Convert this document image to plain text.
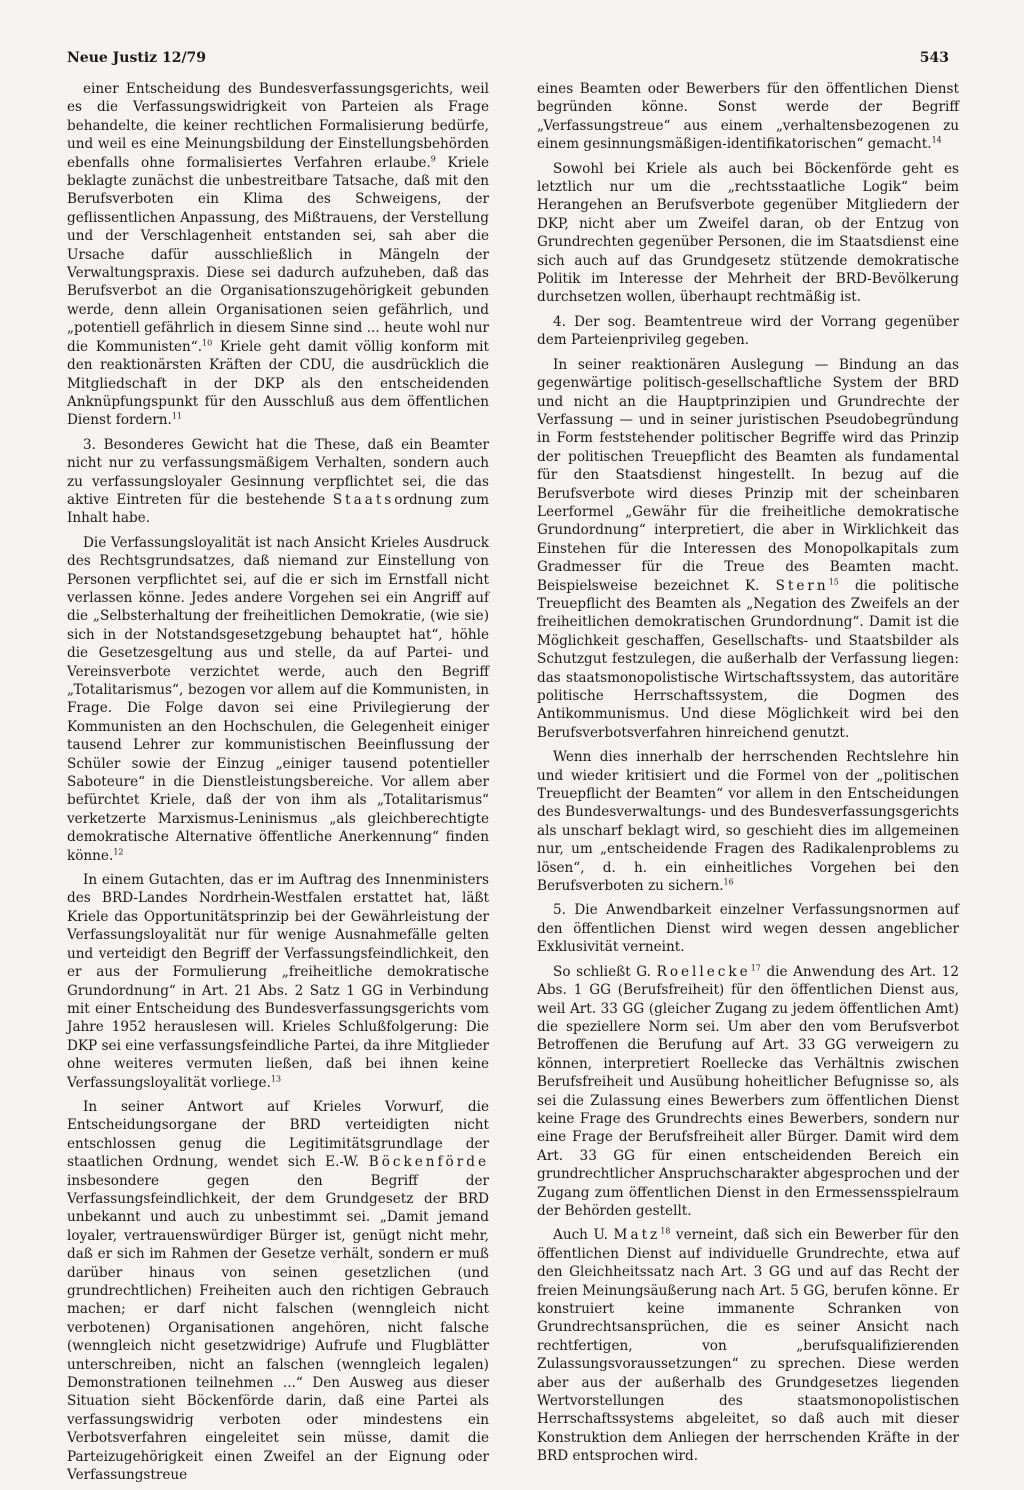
Neue Justiz 12/79	543

einer Entscheidung des Bundesverfassungsgerichts, weil es die Verfassungswidrigkeit von Parteien als Frage behandelte, die keiner rechtlichen Formalisierung bedürfe, und weil es eine Meinungsbildung der Einstellungsbehörden ebenfalls ohne formalisiertes Verfahren erlaube.$^9$ Kriele beklagte zunächst die unbestreitbare Tatsache, daß mit den Berufsverboten ein Klima des Schweigens, der geflissentlichen Anpassung, des Mißtrauens, der Verstellung und der Verschlagenheit entstanden sei, sah aber die Ursache dafür ausschließlich in Mängeln der Verwaltungspraxis. Diese sei dadurch aufzuheben, daß das Berufsverbot an die Organisationszugehörigkeit gebunden werde, denn allein Organisationen seien gefährlich, und „potentiell gefährlich in diesem Sinne sind ... heute wohl nur die Kommunisten“.$^{10}$ Kriele geht damit völlig konform mit den reaktionärsten Kräften der CDU, die ausdrücklich die Mitgliedschaft in der DKP als den entscheidenden Anknüpfungspunkt für den Ausschluß aus dem öffentlichen Dienst fordern.$^{11}$

3. Besonderes Gewicht hat die These, daß ein Beamter nicht nur zu verfassungsmäßigem Verhalten, sondern auch zu verfassungsloyaler Gesinnung verpflichtet sei, die das aktive Eintreten für die bestehende Staatsordnung zum Inhalt habe.

Die Verfassungsloyalität ist nach Ansicht Krieles Ausdruck des Rechtsgrundsatzes, daß niemand zur Einstellung von Personen verpflichtet sei, auf die er sich im Ernstfall nicht verlassen könne. Jedes andere Vorgehen sei ein Angriff auf die „Selbsterhaltung der freiheitlichen Demokratie, (wie sie) sich in der Notstandsgesetzgebung behauptet hat“, höhle die Gesetzesgeltung aus und stelle, da auf Partei- und Vereinsverbote verzichtet werde, auch den Begriff „Totalitarismus“, bezogen vor allem auf die Kommunisten, in Frage. Die Folge davon sei eine Privilegierung der Kommunisten an den Hochschulen, die Gelegenheit einiger tausend Lehrer zur kommunistischen Beeinflussung der Schüler sowie der Einzug „einiger tausend potentieller Saboteure“ in die Dienstleistungsbereiche. Vor allem aber befürchtet Kriele, daß der von ihm als „Totalitarismus“ verketzerte Marxismus-Leninismus „als gleichberechtigte demokratische Alternative öffentliche Anerkennung“ finden könne.$^{12}$

In einem Gutachten, das er im Auftrag des Innenministers des BRD-Landes Nordrhein-Westfalen erstattet hat, läßt Kriele das Opportunitätsprinzip bei der Gewährleistung der Verfassungsloyalität nur für wenige Ausnahmefälle gelten und verteidigt den Begriff der Verfassungsfeindlichkeit, den er aus der Formulierung „freiheitliche demokratische Grundordnung“ in Art. 21 Abs. 2 Satz 1 GG in Verbindung mit einer Entscheidung des Bundesverfassungsgerichts vom Jahre 1952 herauslesen will. Krieles Schlußfolgerung: Die DKP sei eine verfassungsfeindliche Partei, da ihre Mitglieder ohne weiteres vermuten ließen, daß bei ihnen keine Verfassungsloyalität vorliege.$^{13}$

In seiner Antwort auf Krieles Vorwurf, die Entscheidungsorgane der BRD verteidigten nicht entschlossen genug die Legitimitätsgrundlage der staatlichen Ordnung, wendet sich E.-W. Böckenförde insbesondere gegen den Begriff der Verfassungsfeindlichkeit, der dem Grundgesetz der BRD unbekannt und auch zu unbestimmt sei. „Damit jemand loyaler, vertrauenswürdiger Bürger ist, genügt nicht mehr, daß er sich im Rahmen der Gesetze verhält, sondern er muß darüber hinaus von seinen gesetzlichen (und grundrechtlichen) Freiheiten auch den richtigen Gebrauch machen; er darf nicht falschen (wenngleich nicht verbotenen) Organisationen angehören, nicht falsche (wenngleich nicht gesetzwidrige) Aufrufe und Flugblätter unterschreiben, nicht an falschen (wenngleich legalen) Demonstrationen teilnehmen ...“ Den Ausweg aus dieser Situation sieht Böckenförde darin, daß eine Partei als verfassungswidrig verboten oder mindestens ein Verbotsverfahren eingeleitet sein müsse, damit die Parteizugehörigkeit einen Zweifel an der Eignung oder Verfassungstreue

eines Beamten oder Bewerbers für den öffentlichen Dienst begründen könne. Sonst werde der Begriff „Verfassungstreue“ aus einem „verhaltensbezogenen zu einem gesinnungsmäßigen-identifikatorischen“ gemacht.$^{14}$

Sowohl bei Kriele als auch bei Böckenförde geht es letztlich nur um die „rechtsstaatliche Logik“ beim Herangehen an Berufsverbote gegenüber Mitgliedern der DKP, nicht aber um Zweifel daran, ob der Entzug von Grundrechten gegenüber Personen, die im Staatsdienst eine sich auch auf das Grundgesetz stützende demokratische Politik im Interesse der Mehrheit der BRD-Bevölkerung durchsetzen wollen, überhaupt rechtmäßig ist.

4. Der sog. Beamtentreue wird der Vorrang gegenüber dem Parteienprivileg gegeben.

In seiner reaktionären Auslegung — Bindung an das gegenwärtige politisch-gesellschaftliche System der BRD und nicht an die Hauptprinzipien und Grundrechte der Verfassung — und in seiner juristischen Pseudobegründung in Form feststehender politischer Begriffe wird das Prinzip der politischen Treuepflicht des Beamten als fundamental für den Staatsdienst hingestellt. In bezug auf die Berufsverbote wird dieses Prinzip mit der scheinbaren Leerformel „Gewähr für die freiheitliche demokratische Grundordnung“ interpretiert, die aber in Wirklichkeit das Einstehen für die Interessen des Monopolkapitals zum Gradmesser für die Treue des Beamten macht. Beispielsweise bezeichnet K. Stern$^{15}$ die politische Treuepflicht des Beamten als „Negation des Zweifels an der freiheitlichen demokratischen Grundordnung“. Damit ist die Möglichkeit geschaffen, Gesellschafts- und Staatsbilder als Schutzgut festzulegen, die außerhalb der Verfassung liegen: das staatsmonopolistische Wirtschaftssystem, das autoritäre politische Herrschaftssystem, die Dogmen des Antikommunismus. Und diese Möglichkeit wird bei den Berufsverbotsverfahren hinreichend genutzt.

Wenn dies innerhalb der herrschenden Rechtslehre hin und wieder kritisiert und die Formel von der „politischen Treuepflicht der Beamten“ vor allem in den Entscheidungen des Bundesverwaltungs- und des Bundesverfassungsgerichts als unscharf beklagt wird, so geschieht dies im allgemeinen nur, um „entscheidende Fragen des Radikalenproblems zu lösen“, d. h. ein einheitliches Vorgehen bei den Berufsverboten zu sichern.$^{16}$

5. Die Anwendbarkeit einzelner Verfassungsnormen auf den öffentlichen Dienst wird wegen dessen angeblicher Exklusivität verneint.

So schließt G. Roellecke$^{17}$ die Anwendung des Art. 12 Abs. 1 GG (Berufsfreiheit) für den öffentlichen Dienst aus, weil Art. 33 GG (gleicher Zugang zu jedem öffentlichen Amt) die speziellere Norm sei. Um aber den vom Berufsverbot Betroffenen die Berufung auf Art. 33 GG verweigern zu können, interpretiert Roellecke das Verhältnis zwischen Berufsfreiheit und Ausübung hoheitlicher Befugnisse so, als sei die Zulassung eines Bewerbers zum öffentlichen Dienst keine Frage des Grundrechts eines Bewerbers, sondern nur eine Frage der Berufsfreiheit aller Bürger. Damit wird dem Art. 33 GG für einen entscheidenden Bereich ein grundrechtlicher Anspruchscharakter abgesprochen und der Zugang zum öffentlichen Dienst in den Ermessensspielraum der Behörden gestellt.

Auch U. Matz$^{18}$ verneint, daß sich ein Bewerber für den öffentlichen Dienst auf individuelle Grundrechte, etwa auf den Gleichheitssatz nach Art. 3 GG und auf das Recht der freien Meinungsäußerung nach Art. 5 GG, berufen könne. Er konstruiert keine immanente Schranken von Grundrechtsansprüchen, die es seiner Ansicht nach rechtfertigen, von „berufsqualifizierenden Zulassungsvoraussetzungen“ zu sprechen. Diese werden aber aus der außerhalb des Grundgesetzes liegenden Wertvorstellungen des staatsmonopolistischen Herrschaftssystems abgeleitet, so daß auch mit dieser Konstruktion dem Anliegen der herrschenden Kräfte in der BRD entsprochen wird.
